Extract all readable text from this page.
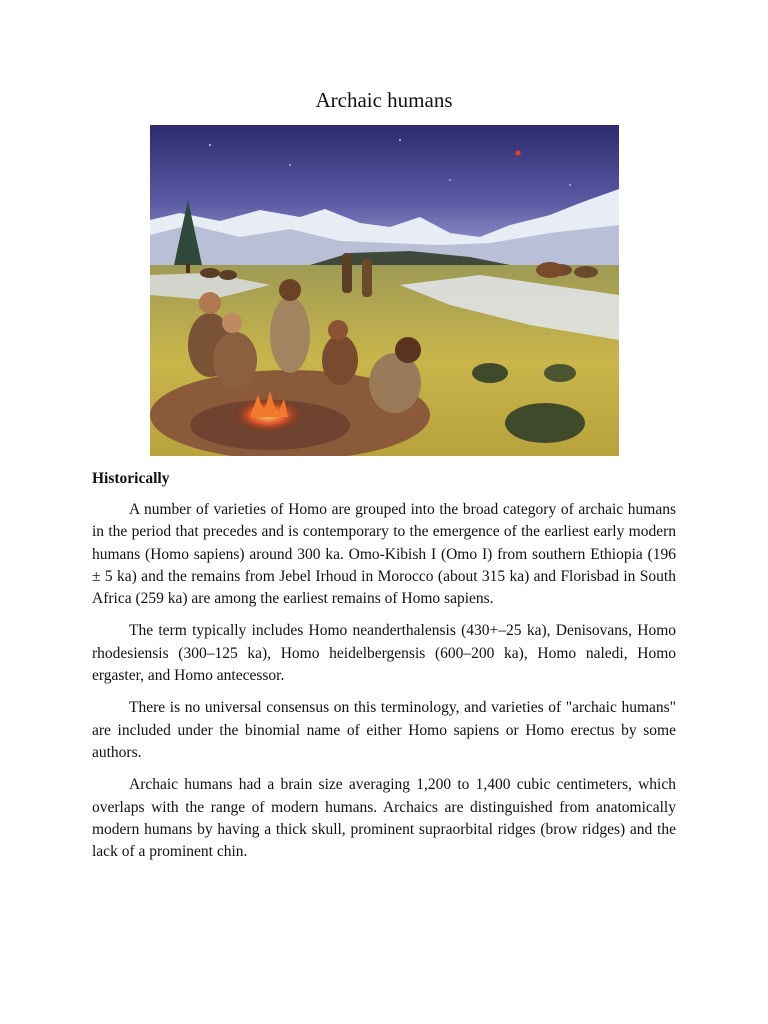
Archaic humans
Historically

A number of varieties of Homo are grouped into the broad category of archaic humans in the period that precedes and is contemporary to the emergence of the earliest early modern humans (Homo sapiens) around 300 ka. Omo-Kibish I (Omo I) from southern Ethiopia (196 ± 5 ka) and the remains from Jebel Irhoud in Morocco (about 315 ka) and Florisbad in South Africa (259 ka) are among the earliest remains of Homo sapiens.

The term typically includes Homo neanderthalensis (430+–25 ka), Denisovans, Homo rhodesiensis (300–125 ka), Homo heidelbergensis (600–200 ka), Homo naledi, Homo ergaster, and Homo antecessor.

There is no universal consensus on this terminology, and varieties of "archaic humans" are included under the binomial name of either Homo sapiens or Homo erectus by some authors.

Archaic humans had a brain size averaging 1,200 to 1,400 cubic centimeters, which overlaps with the range of modern humans. Archaics are distinguished from anatomically modern humans by having a thick skull, prominent supraorbital ridges (brow ridges) and the lack of a prominent chin.
